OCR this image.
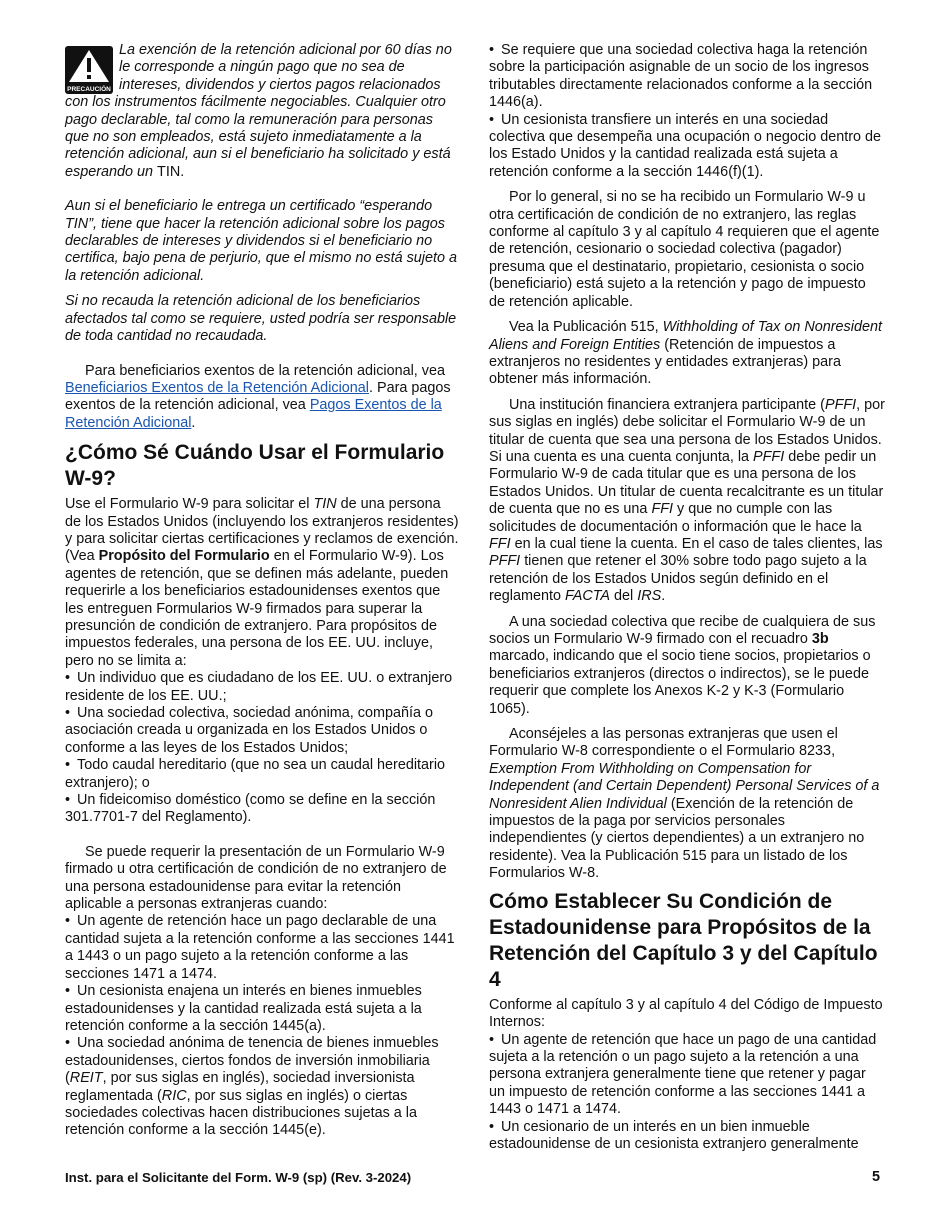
PRECAUCIÓN

La exención de la retención adicional por 60 días no le corresponde a ningún pago que no sea de intereses, dividendos y ciertos pagos relacionados con los instrumentos fácilmente negociables. Cualquier otro pago declarable, tal como la remuneración para personas que no son empleados, está sujeto inmediatamente a la retención adicional, aun si el beneficiario ha solicitado y está esperando un TIN.

Aun si el beneficiario le entrega un certificado “esperando TIN”, tiene que hacer la retención adicional sobre los pagos declarables de intereses y dividendos si el beneficiario no certifica, bajo pena de perjurio, que el mismo no está sujeto a la retención adicional.

Si no recauda la retención adicional de los beneficiarios afectados tal como se requiere, usted podría ser responsable de toda cantidad no recaudada.

Para beneficiarios exentos de la retención adicional, vea Beneficiarios Exentos de la Retención Adicional. Para pagos exentos de la retención adicional, vea Pagos Exentos de la Retención Adicional.

¿Cómo Sé Cuándo Usar el Formulario W-9?

Use el Formulario W-9 para solicitar el TIN de una persona de los Estados Unidos (incluyendo los extranjeros residentes) y para solicitar ciertas certificaciones y reclamos de exención. (Vea Propósito del Formulario en el Formulario W-9). Los agentes de retención, que se definen más adelante, pueden requerirle a los beneficiarios estadounidenses exentos que les entreguen Formularios W-9 firmados para superar la presunción de condición de extranjero. Para propósitos de impuestos federales, una persona de los EE. UU. incluye, pero no se limita a:

• Un individuo que es ciudadano de los EE. UU. o extranjero residente de los EE. UU.;

• Una sociedad colectiva, sociedad anónima, compañía o asociación creada u organizada en los Estados Unidos o conforme a las leyes de los Estados Unidos;

• Todo caudal hereditario (que no sea un caudal hereditario extranjero); o

• Un fideicomiso doméstico (como se define en la sección 301.7701-7 del Reglamento).

Se puede requerir la presentación de un Formulario W-9 firmado u otra certificación de condición de no extranjero de una persona estadounidense para evitar la retención aplicable a personas extranjeras cuando:

• Un agente de retención hace un pago declarable de una cantidad sujeta a la retención conforme a las secciones 1441 a 1443 o un pago sujeto a la retención conforme a las secciones 1471 a 1474.

• Un cesionista enajena un interés en bienes inmuebles estadounidenses y la cantidad realizada está sujeta a la retención conforme a la sección 1445(a).

• Una sociedad anónima de tenencia de bienes inmuebles estadounidenses, ciertos fondos de inversión inmobiliaria (REIT, por sus siglas en inglés), sociedad inversionista reglamentada (RIC, por sus siglas en inglés) o ciertas sociedades colectivas hacen distribuciones sujetas a la retención conforme a la sección 1445(e).

• Se requiere que una sociedad colectiva haga la retención sobre la participación asignable de un socio de los ingresos tributables directamente relacionados conforme a la sección 1446(a).

• Un cesionista transfiere un interés en una sociedad colectiva que desempeña una ocupación o negocio dentro de los Estado Unidos y la cantidad realizada está sujeta a retención conforme a la sección 1446(f)(1).

Por lo general, si no se ha recibido un Formulario W-9 u otra certificación de condición de no extranjero, las reglas conforme al capítulo 3 y al capítulo 4 requieren que el agente de retención, cesionario o sociedad colectiva (pagador) presuma que el destinatario, propietario, cesionista o socio (beneficiario) está sujeto a la retención y pago de impuesto de retención aplicable.

Vea la Publicación 515, Withholding of Tax on Nonresident Aliens and Foreign Entities (Retención de impuestos a extranjeros no residentes y entidades extranjeras) para obtener más información.

Una institución financiera extranjera participante (PFFI, por sus siglas en inglés) debe solicitar el Formulario W-9 de un titular de cuenta que sea una persona de los Estados Unidos. Si una cuenta es una cuenta conjunta, la PFFI debe pedir un Formulario W-9 de cada titular que es una persona de los Estados Unidos. Un titular de cuenta recalcitrante es un titular de cuenta que no es una FFI y que no cumple con las solicitudes de documentación o información que le hace la FFI en la cual tiene la cuenta. En el caso de tales clientes, las PFFI tienen que retener el 30% sobre todo pago sujeto a la retención de los Estados Unidos según definido en el reglamento FACTA del IRS.

A una sociedad colectiva que recibe de cualquiera de sus socios un Formulario W-9 firmado con el recuadro 3b marcado, indicando que el socio tiene socios, propietarios o beneficiarios extranjeros (directos o indirectos), se le puede requerir que complete los Anexos K-2 y K-3 (Formulario 1065).

Aconséjeles a las personas extranjeras que usen el Formulario W-8 correspondiente o el Formulario 8233, Exemption From Withholding on Compensation for Independent (and Certain Dependent) Personal Services of a Nonresident Alien Individual (Exención de la retención de impuestos de la paga por servicios personales independientes (y ciertos dependientes) a un extranjero no residente). Vea la Publicación 515 para un listado de los Formularios W-8.

Cómo Establecer Su Condición de Estadounidense para Propósitos de la Retención del Capítulo 3 y del Capítulo 4

Conforme al capítulo 3 y al capítulo 4 del Código de Impuesto Internos:

• Un agente de retención que hace un pago de una cantidad sujeta a la retención o un pago sujeto a la retención a una persona extranjera generalmente tiene que retener y pagar un impuesto de retención conforme a las secciones 1441 a 1443 o 1471 a 1474.

• Un cesionario de un interés en un bien inmueble estadounidense de un cesionista extranjero generalmente

Inst. para el Solicitante del Form. W-9 (sp) (Rev. 3-2024)	5
